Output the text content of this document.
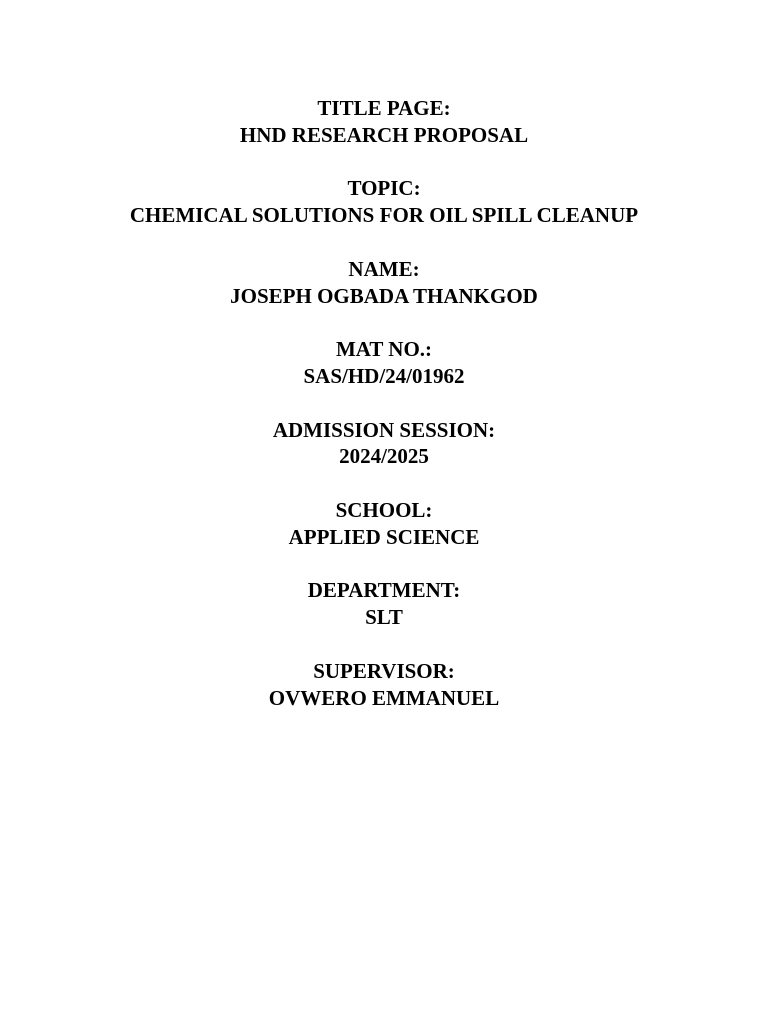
TITLE PAGE:
HND RESEARCH PROPOSAL
TOPIC:
CHEMICAL SOLUTIONS FOR OIL SPILL CLEANUP
NAME:
JOSEPH OGBADA THANKGOD
MAT NO.:
SAS/HD/24/01962
ADMISSION SESSION:
2024/2025
SCHOOL:
APPLIED SCIENCE
DEPARTMENT:
SLT
SUPERVISOR:
OVWERO EMMANUEL
